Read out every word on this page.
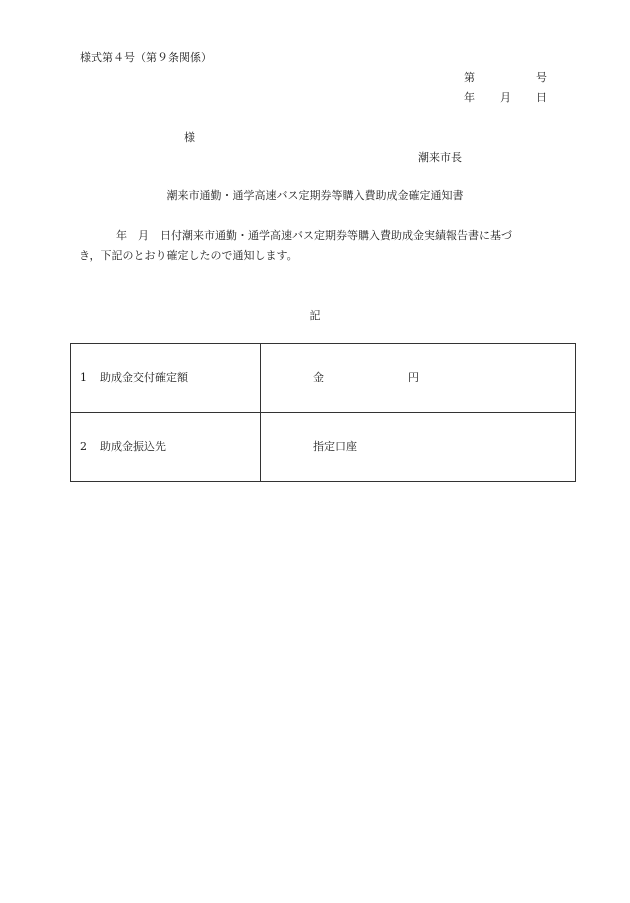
様式第４号（第９条関係）
第	号
年 月 日
様
潮来市長
潮来市通勤・通学高速バス定期券等購入費助成金確定通知書
年　月　日付潮来市通勤・通学高速バス定期券等購入費助成金実績報告書に基づ
き，下記のとおり確定したので通知します。
記
1 助成金交付確定額	金 円

2 助成金振込先	指定口座
